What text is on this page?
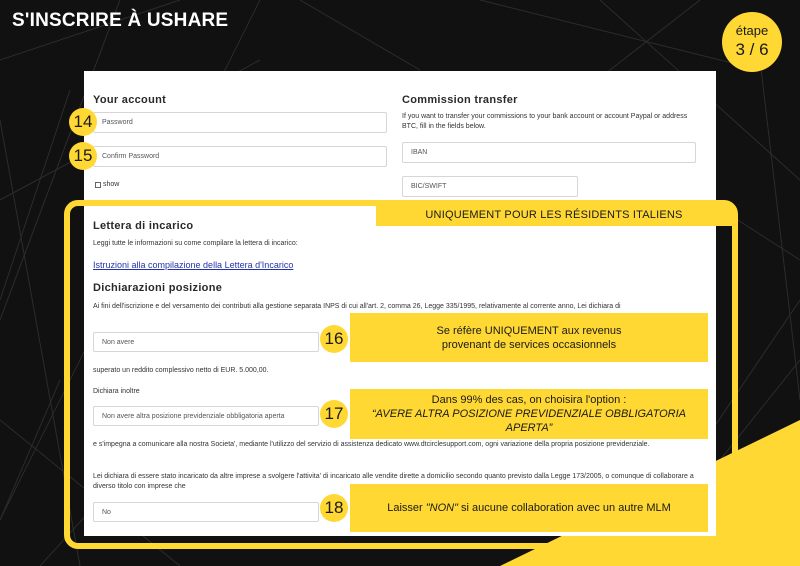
S'INSCRIRE À USHARE	étape
3 / 6
Your account
Password
Confirm Password
show
Commission transfer
If you want to transfer your commissions to your bank account or account Paypal or address BTC, fill in the fields below.
IBAN
BIC/SWIFT
Lettera di incarico
Leggi tutte le informazioni su come compilare la lettera di incarico:
Istruzioni alla compilazione della Lettera d'Incarico
Dichiarazioni posizione
Ai fini dell'iscrizione e del versamento dei contributi alla gestione separata INPS di cui all'art. 2, comma 26, Legge 335/1995, relativamente al corrente anno, Lei dichiara di
Non avere
superato un reddito complessivo netto di EUR. 5.000,00.
Dichiara inoltre
Non avere altra posizione previdenziale obbligatoria aperta
e s'impegna a comunicare alla nostra Societa', mediante l'utilizzo del servizio di assistenza dedicato www.dtcirclesupport.com, ogni variazione della propria posizione previdenziale.
Lei dichiara di essere stato incaricato da altre imprese a svolgere l'attivita' di incaricato alle vendite dirette a domicilio secondo quanto previsto dalla Legge 173/2005, o comunque di collaborare a diverso titolo con imprese che
No
UNIQUEMENT POUR LES RÉSIDENTS ITALIENS
14
15
16
17
18
Se réfère UNIQUEMENT aux revenus
provenant de services occasionnels
Dans 99% des cas, on choisira l'option :
“AVERE ALTRA POSIZIONE PREVIDENZIALE OBBLIGATORIA
APERTA”
Laisser "NON" si aucune collaboration avec un autre MLM
